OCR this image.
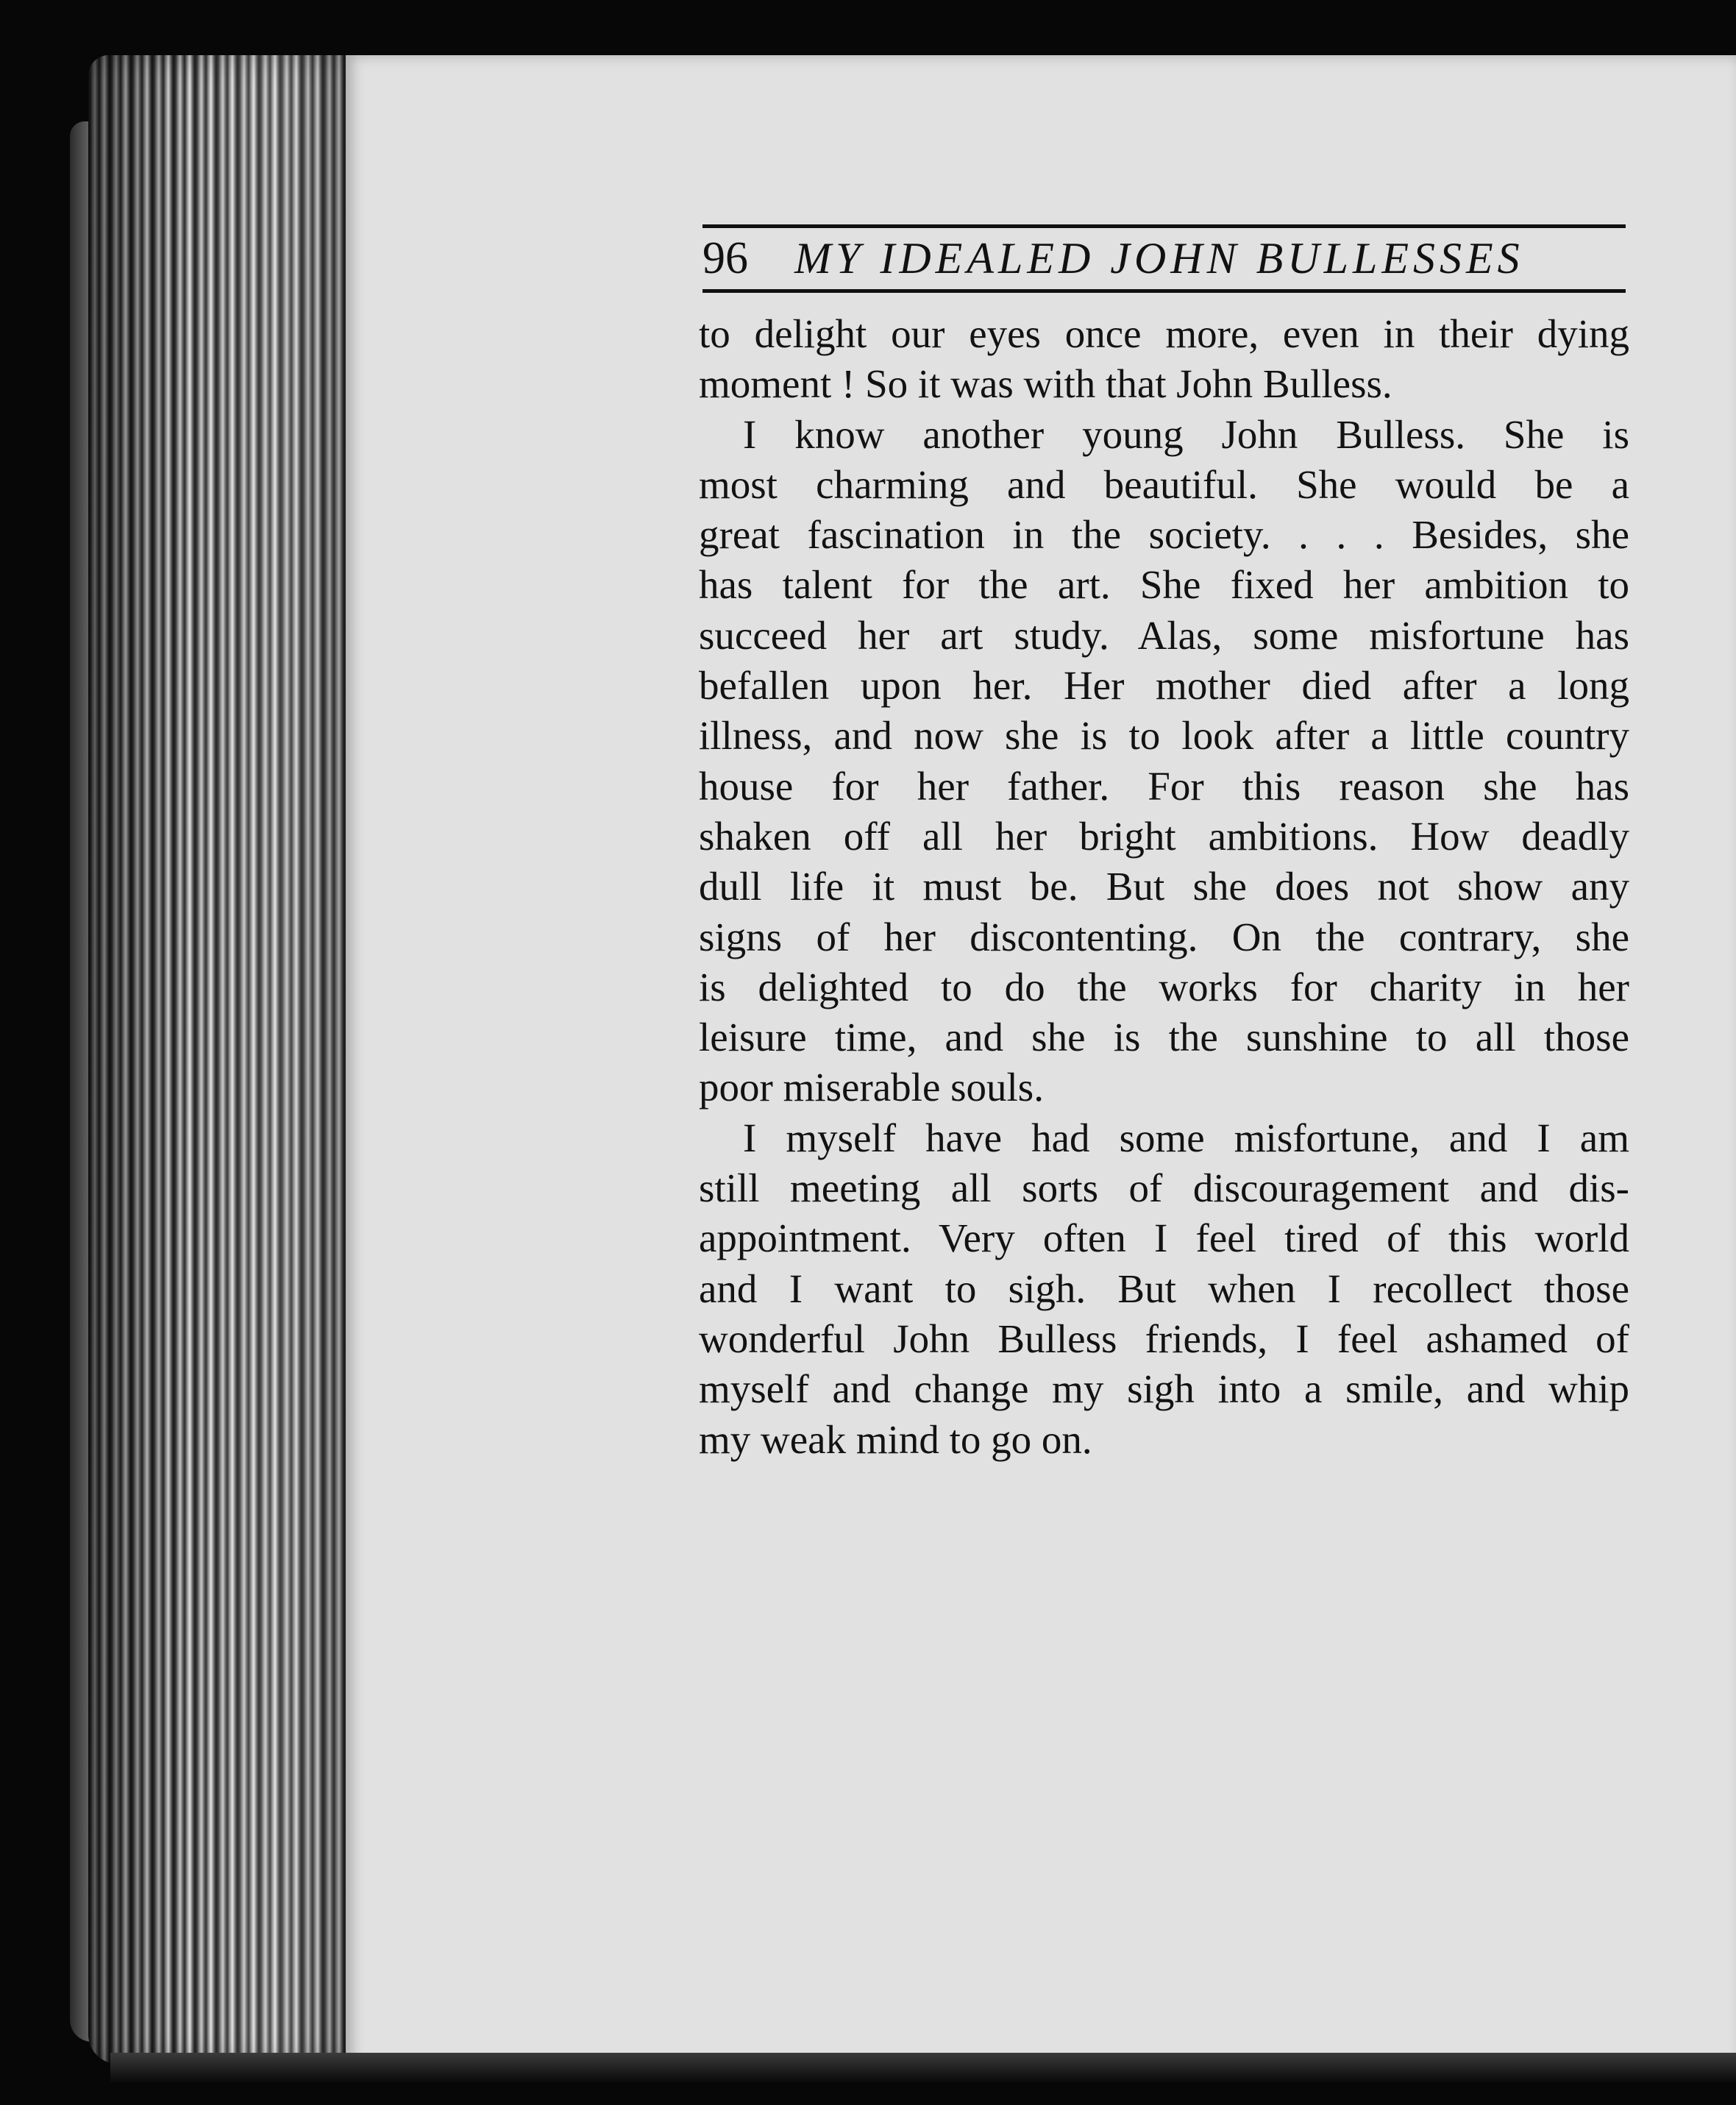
96 MY IDEALED JOHN BULLESSES
to delight our eyes once more, even in their dying
moment ! So it was with that John Bulless.
I know another young John Bulless. She is
most charming and beautiful. She would be a
great fascination in the society. . . . Besides, she
has talent for the art. She fixed her ambition to
succeed her art study. Alas, some misfortune has
befallen upon her. Her mother died after a long
illness, and now she is to look after a little country
house for her father. For this reason she has
shaken off all her bright ambitions. How deadly
dull life it must be. But she does not show any
signs of her discontenting. On the contrary, she
is delighted to do the works for charity in her
leisure time, and she is the sunshine to all those
poor miserable souls.
I myself have had some misfortune, and I am
still meeting all sorts of discouragement and dis-
appointment. Very often I feel tired of this world
and I want to sigh. But when I recollect those
wonderful John Bulless friends, I feel ashamed of
myself and change my sigh into a smile, and whip
my weak mind to go on.
